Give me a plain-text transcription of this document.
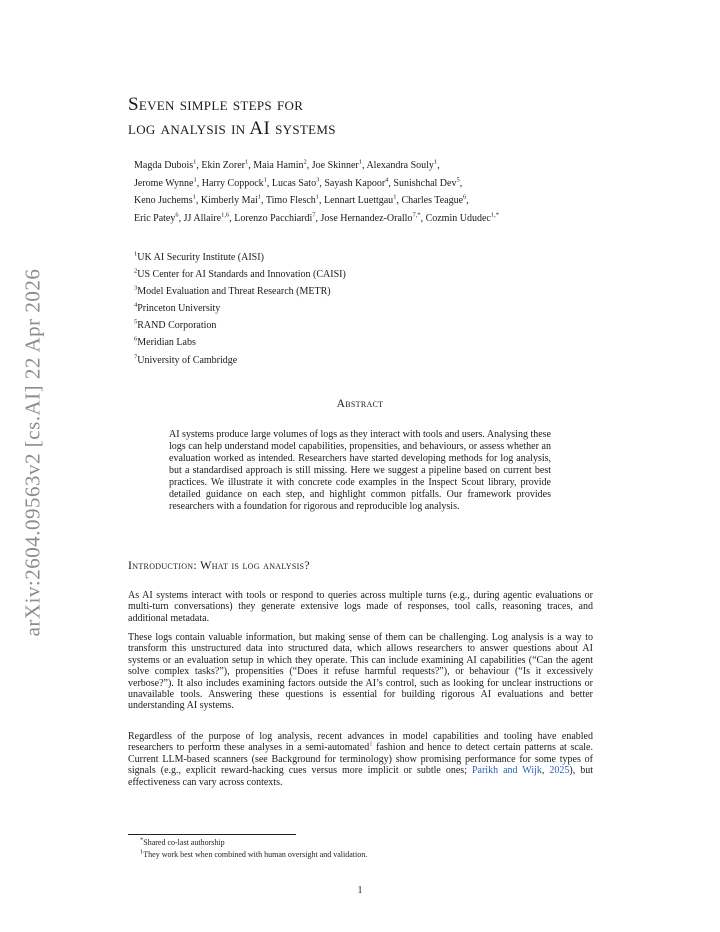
arXiv:2604.09563v2 [cs.AI] 22 Apr 2026
Seven simple steps for
log analysis in AI systems
Magda Dubois$^1$, Ekin Zorer$^1$, Maia Hamin$^2$, Joe Skinner$^1$, Alexandra Souly$^1$,
Jerome Wynne$^1$, Harry Coppock$^1$, Lucas Sato$^3$, Sayash Kapoor$^4$, Sunishchal Dev$^5$,
Keno Juchems$^1$, Kimberly Mai$^1$, Timo Flesch$^1$, Lennart Luettgau$^1$, Charles Teague$^6$,
Eric Patey$^6$, JJ Allaire$^{1,6}$, Lorenzo Pacchiardi$^7$, Jose Hernandez-Orallo$^{7,*}$, Cozmin Ududec$^{1,*}$
$^1$UK AI Security Institute (AISI)
$^2$US Center for AI Standards and Innovation (CAISI)
$^3$Model Evaluation and Threat Research (METR)
$^4$Princeton University
$^5$RAND Corporation
$^6$Meridian Labs
$^7$University of Cambridge
Abstract
AI systems produce large volumes of logs as they interact with tools and users. Analysing these logs can help understand model capabilities, propensities, and behaviours, or assess whether an evaluation worked as intended. Researchers have started developing methods for log analysis, but a standardised approach is still missing. Here we suggest a pipeline based on current best practices. We illustrate it with concrete code examples in the Inspect Scout library, provide detailed guidance on each step, and highlight common pitfalls. Our framework provides researchers with a foundation for rigorous and reproducible log analysis.
Introduction: What is log analysis?
As AI systems interact with tools or respond to queries across multiple turns (e.g., during agentic evaluations or multi-turn conversations) they generate extensive logs made of responses, tool calls, reasoning traces, and additional metadata.
These logs contain valuable information, but making sense of them can be challenging. Log analysis is a way to transform this unstructured data into structured data, which allows researchers to answer questions about AI systems or an evaluation setup in which they operate. This can include examining AI capabilities (“Can the agent solve complex tasks?”), propensities (“Does it refuse harmful requests?”), or behaviour (“Is it excessively verbose?”). It also includes examining factors outside the AI’s control, such as looking for unclear instructions or unavailable tools. Answering these questions is essential for building rigorous AI evaluations and better understanding AI systems.
Regardless of the purpose of log analysis, recent advances in model capabilities and tooling have enabled researchers to perform these analyses in a semi-automated$^1$ fashion and hence to detect certain patterns at scale. Current LLM-based scanners (see Background for terminology) show promising performance for some types of signals (e.g., explicit reward-hacking cues versus more implicit or subtle ones; Parikh and Wijk, 2025), but effectiveness can vary across contexts.
*Shared co-last authorship
$^1$They work best when combined with human oversight and validation.
1
